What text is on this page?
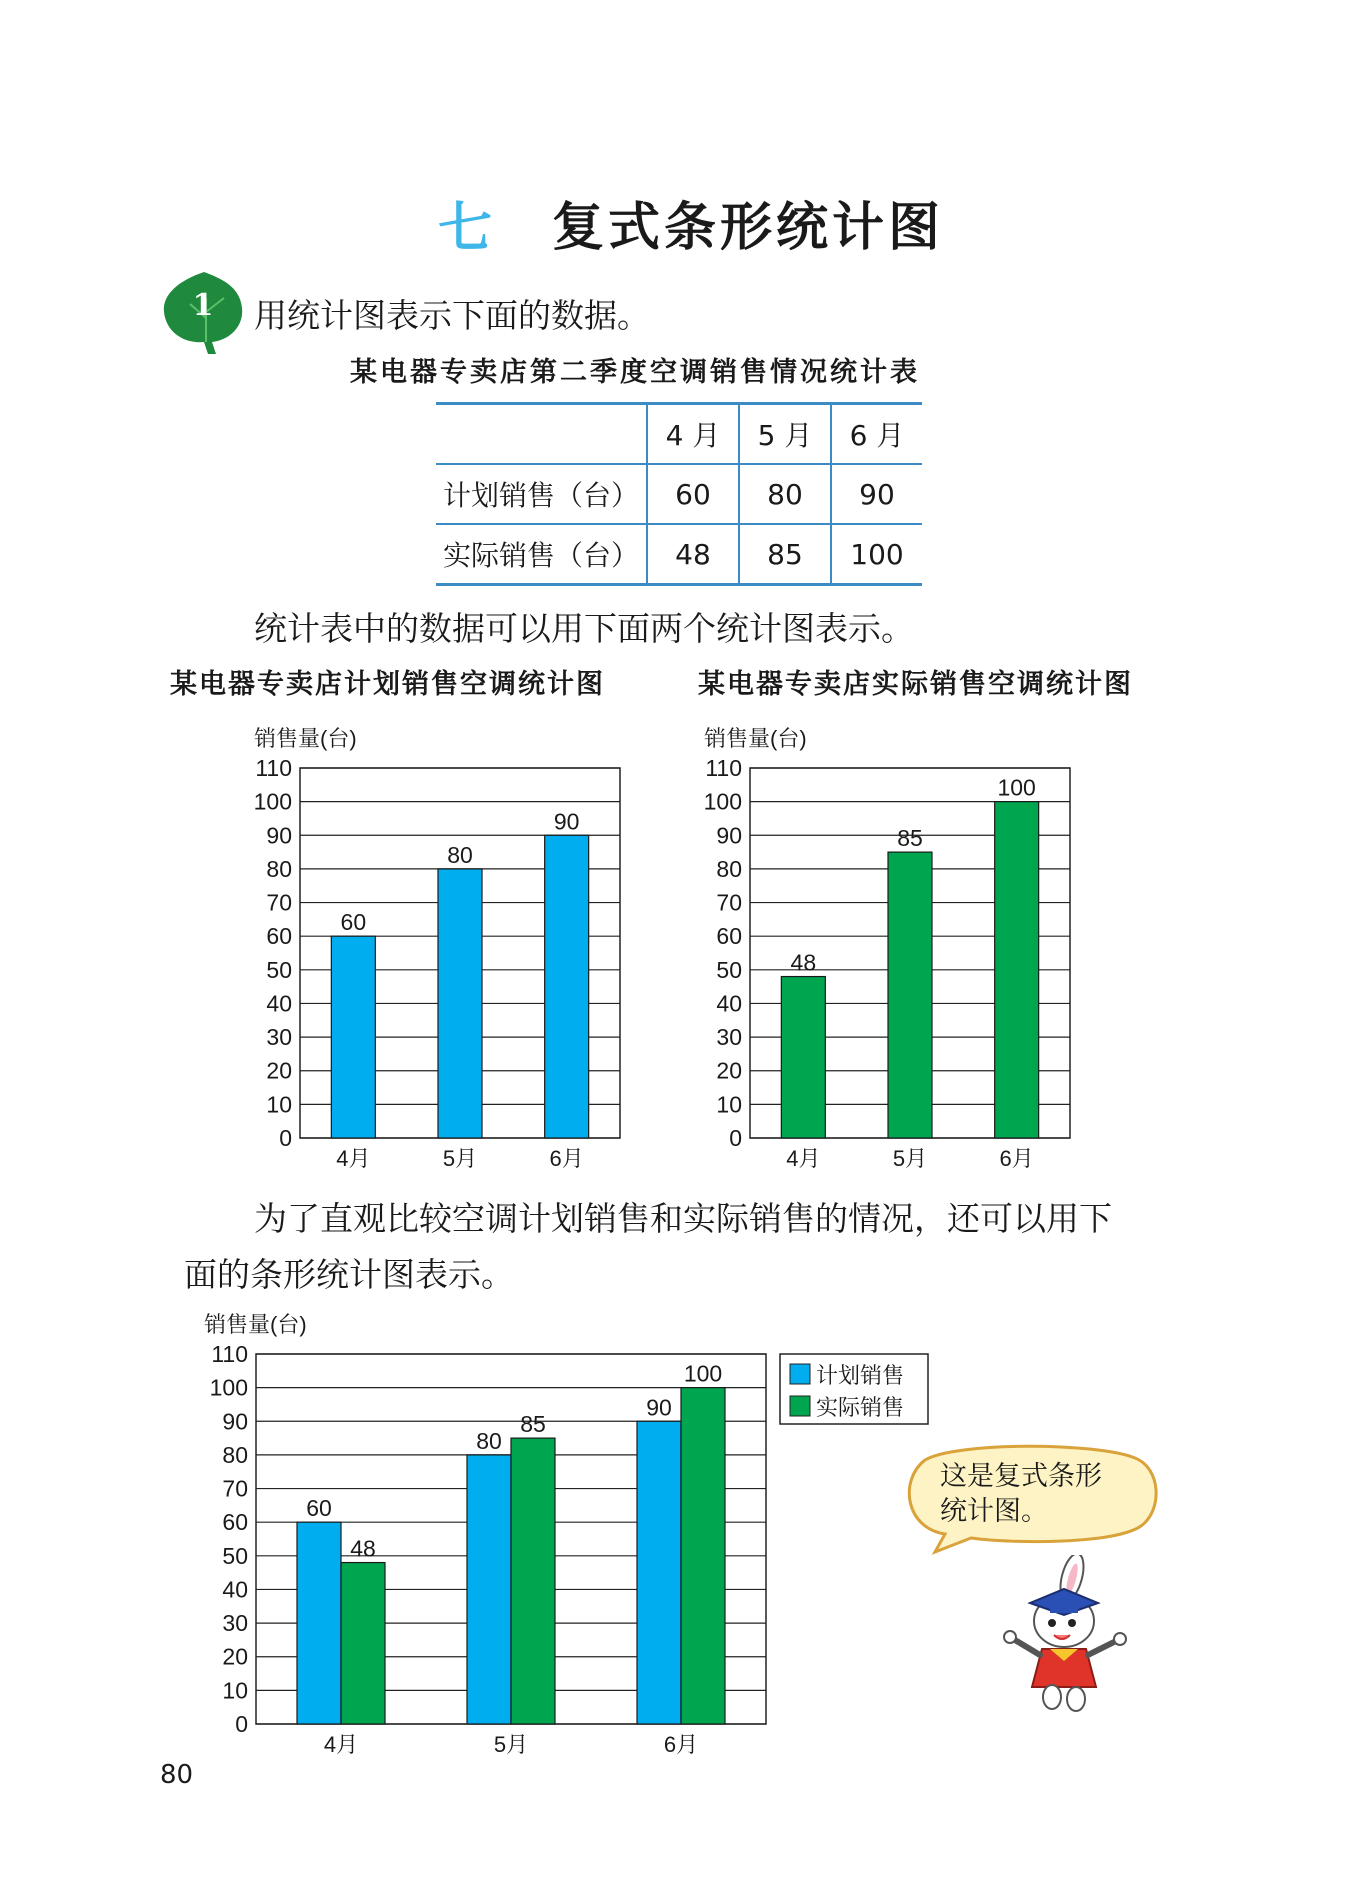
七 复式条形统计图
1 用统计图表示下面的数据。
某电器专卖店第二季度空调销售情况统计表
	4 月	5 月	6 月
计划销售（台）	60	80	90
实际销售（台）	48	85	100
统计表中的数据可以用下面两个统计图表示。
某电器专卖店计划销售空调统计图	某电器专卖店实际销售空调统计图
销售量(台)
0
10
20
30
40
50
60
70
80
90
100
110
4月
60
5月
80
6月
90
销售量(台)
0
10
20
30
40
50
60
70
80
90
100
110
4月
48
5月
85
6月
100
为了直观比较空调计划销售和实际销售的情况，还可以用下
面的条形统计图表示。
销售量(台)
0
10
20
30
40
50
60
70
80
90
100
110
4月
60
48
5月
80
85
6月
90
100	计划销售
实际销售
这是复式条形
统计图。
80
